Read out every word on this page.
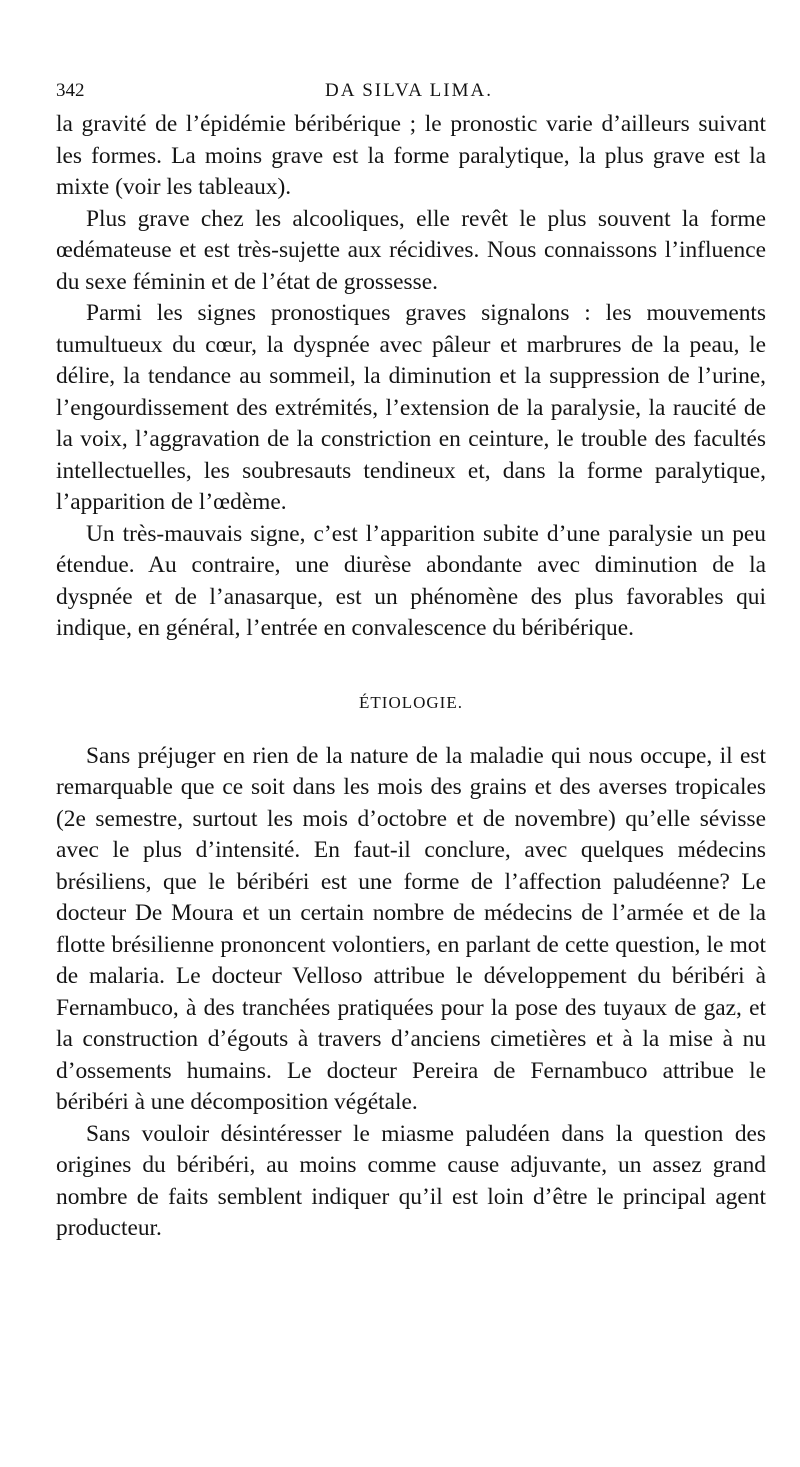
342	DA SILVA LIMA.

la gravité de l’épidémie béribérique ; le pronostic varie d’ailleurs suivant les formes. La moins grave est la forme paralytique, la plus grave est la mixte (voir les tableaux).

Plus grave chez les alcooliques, elle revêt le plus souvent la forme œdémateuse et est très-sujette aux récidives. Nous connaissons l’influence du sexe féminin et de l’état de grossesse.

Parmi les signes pronostiques graves signalons : les mouvements tumultueux du cœur, la dyspnée avec pâleur et marbrures de la peau, le délire, la tendance au sommeil, la diminution et la suppression de l’urine, l’engourdissement des extrémités, l’extension de la paralysie, la raucité de la voix, l’aggravation de la constriction en ceinture, le trouble des facultés intellectuelles, les soubresauts tendineux et, dans la forme paralytique, l’apparition de l’œdème.

Un très-mauvais signe, c’est l’apparition subite d’une paralysie un peu étendue. Au contraire, une diurèse abondante avec diminution de la dyspnée et de l’anasarque, est un phénomène des plus favorables qui indique, en général, l’entrée en convalescence du béribérique.

ÉTIOLOGIE.

Sans préjuger en rien de la nature de la maladie qui nous occupe, il est remarquable que ce soit dans les mois des grains et des averses tropicales (2e semestre, surtout les mois d’octobre et de novembre) qu’elle sévisse avec le plus d’intensité. En faut-il conclure, avec quelques médecins brésiliens, que le béribéri est une forme de l’affection paludéenne? Le docteur De Moura et un certain nombre de médecins de l’armée et de la flotte brésilienne prononcent volontiers, en parlant de cette question, le mot de malaria. Le docteur Velloso attribue le développement du béribéri à Fernambuco, à des tranchées pratiquées pour la pose des tuyaux de gaz, et la construction d’égouts à travers d’anciens cimetières et à la mise à nu d’ossements humains. Le docteur Pereira de Fernambuco attribue le béribéri à une décomposition végétale.

Sans vouloir désintéresser le miasme paludéen dans la question des origines du béribéri, au moins comme cause adjuvante, un assez grand nombre de faits semblent indiquer qu’il est loin d’être le principal agent producteur.
